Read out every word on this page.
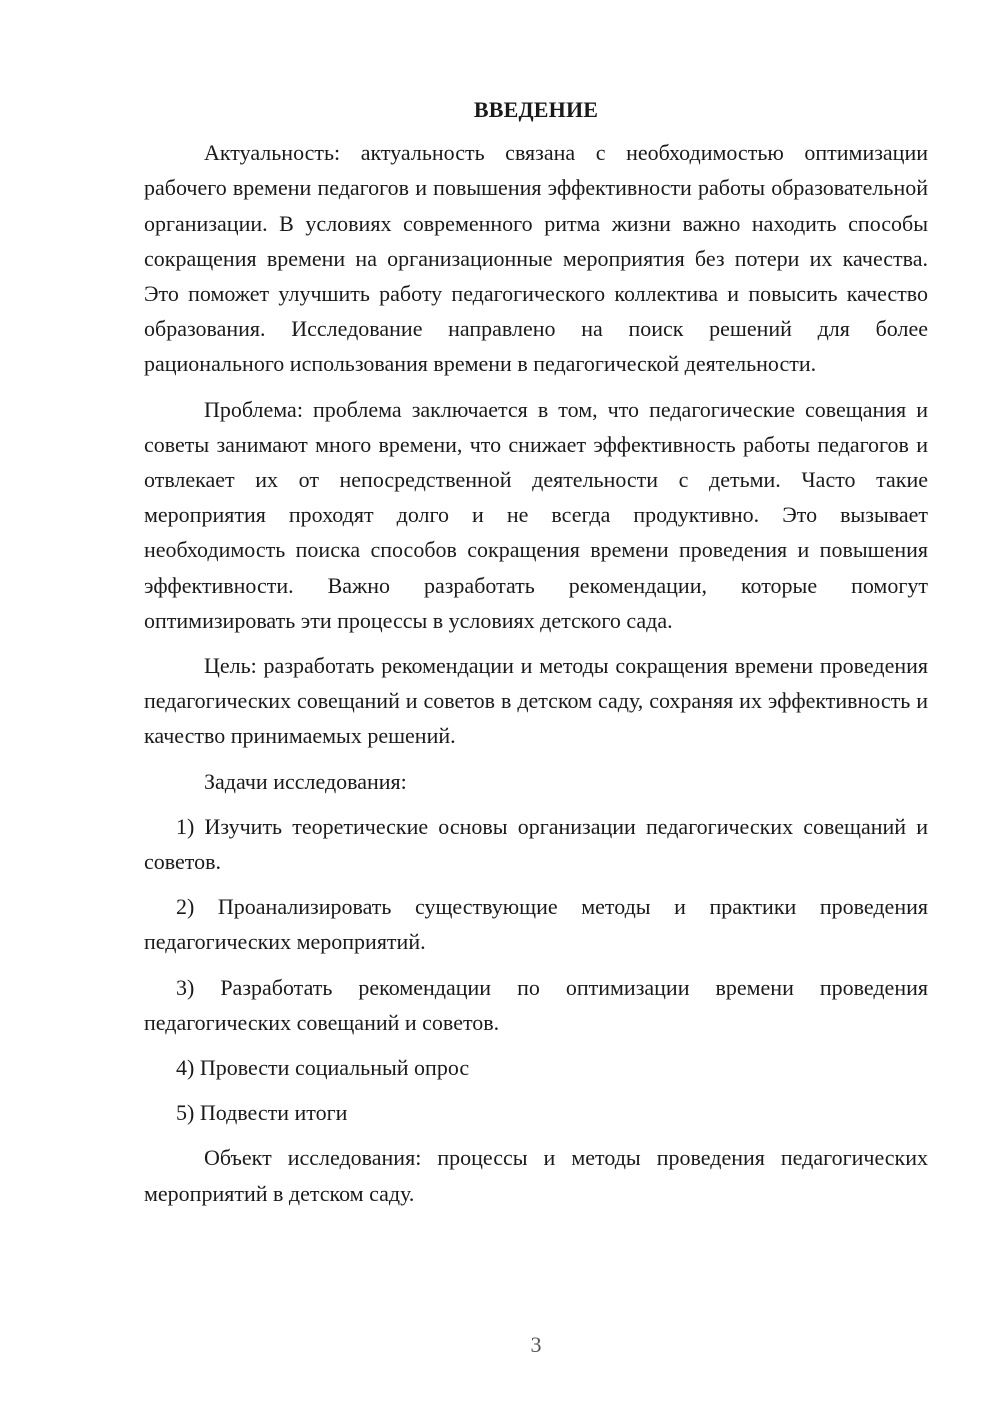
ВВЕДЕНИЕ

Актуальность: актуальность связана с необходимостью оптимизации рабочего времени педагогов и повышения эффективности работы образовательной организации. В условиях современного ритма жизни важно находить способы сокращения времени на организационные мероприятия без потери их качества. Это поможет улучшить работу педагогического коллектива и повысить качество образования. Исследование направлено на поиск решений для более рационального использования времени в педагогической деятельности.

Проблема: проблема заключается в том, что педагогические совещания и советы занимают много времени, что снижает эффективность работы педагогов и отвлекает их от непосредственной деятельности с детьми. Часто такие мероприятия проходят долго и не всегда продуктивно. Это вызывает необходимость поиска способов сокращения времени проведения и повышения эффективности. Важно разработать рекомендации, которые помогут оптимизировать эти процессы в условиях детского сада.

Цель: разработать рекомендации и методы сокращения времени проведения педагогических совещаний и советов в детском саду, сохраняя их эффективность и качество принимаемых решений.

Задачи исследования:

1) Изучить теоретические основы организации педагогических совещаний и советов.

2) Проанализировать существующие методы и практики проведения педагогических мероприятий.

3) Разработать рекомендации по оптимизации времени проведения педагогических совещаний и советов.

4) Провести социальный опрос

5) Подвести итоги

Объект исследования: процессы и методы проведения педагогических мероприятий в детском саду.

3
